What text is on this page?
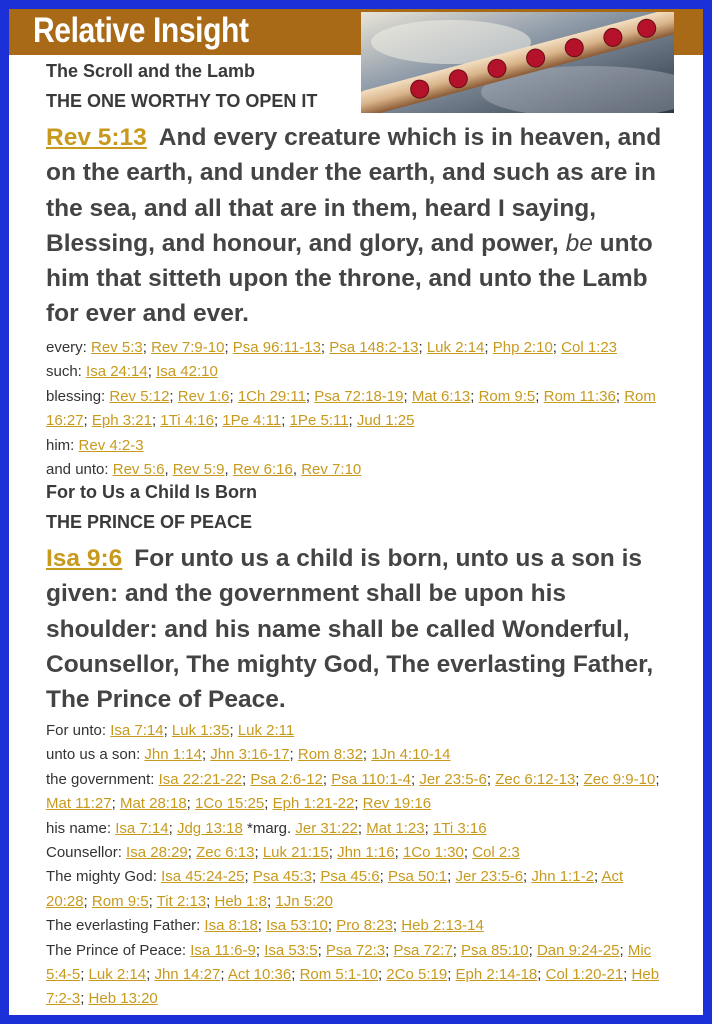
Relative Insight
The Scroll and the Lamb
THE ONE WORTHY TO OPEN IT
Rev 5:13 And every creature which is in heaven, and on the earth, and under the earth, and such as are in the sea, and all that are in them, heard I saying, Blessing, and honour, and glory, and power, be unto him that sitteth upon the throne, and unto the Lamb for ever and ever.
every: Rev 5:3; Rev 7:9-10; Psa 96:11-13; Psa 148:2-13; Luk 2:14; Php 2:10; Col 1:23
such: Isa 24:14; Isa 42:10
blessing: Rev 5:12; Rev 1:6; 1Ch 29:11; Psa 72:18-19; Mat 6:13; Rom 9:5; Rom 11:36; Rom 16:27; Eph 3:21; 1Ti 4:16; 1Pe 4:11; 1Pe 5:11; Jud 1:25
him: Rev 4:2-3
and unto: Rev 5:6, Rev 5:9, Rev 6:16, Rev 7:10
For to Us a Child Is Born
THE PRINCE OF PEACE
Isa 9:6 For unto us a child is born, unto us a son is given: and the government shall be upon his shoulder: and his name shall be called Wonderful, Counsellor, The mighty God, The everlasting Father, The Prince of Peace.
For unto: Isa 7:14; Luk 1:35; Luk 2:11
unto us a son: Jhn 1:14; Jhn 3:16-17; Rom 8:32; 1Jn 4:10-14
the government: Isa 22:21-22; Psa 2:6-12; Psa 110:1-4; Jer 23:5-6; Zec 6:12-13; Zec 9:9-10; Mat 11:27; Mat 28:18; 1Co 15:25; Eph 1:21-22; Rev 19:16
his name: Isa 7:14; Jdg 13:18 *marg. Jer 31:22; Mat 1:23; 1Ti 3:16
Counsellor: Isa 28:29; Zec 6:13; Luk 21:15; Jhn 1:16; 1Co 1:30; Col 2:3
The mighty God: Isa 45:24-25; Psa 45:3; Psa 45:6; Psa 50:1; Jer 23:5-6; Jhn 1:1-2; Act 20:28; Rom 9:5; Tit 2:13; Heb 1:8; 1Jn 5:20
The everlasting Father: Isa 8:18; Isa 53:10; Pro 8:23; Heb 2:13-14
The Prince of Peace: Isa 11:6-9; Isa 53:5; Psa 72:3; Psa 72:7; Psa 85:10; Dan 9:24-25; Mic 5:4-5; Luk 2:14; Jhn 14:27; Act 10:36; Rom 5:1-10; 2Co 5:19; Eph 2:14-18; Col 1:20-21; Heb 7:2-3; Heb 13:20
